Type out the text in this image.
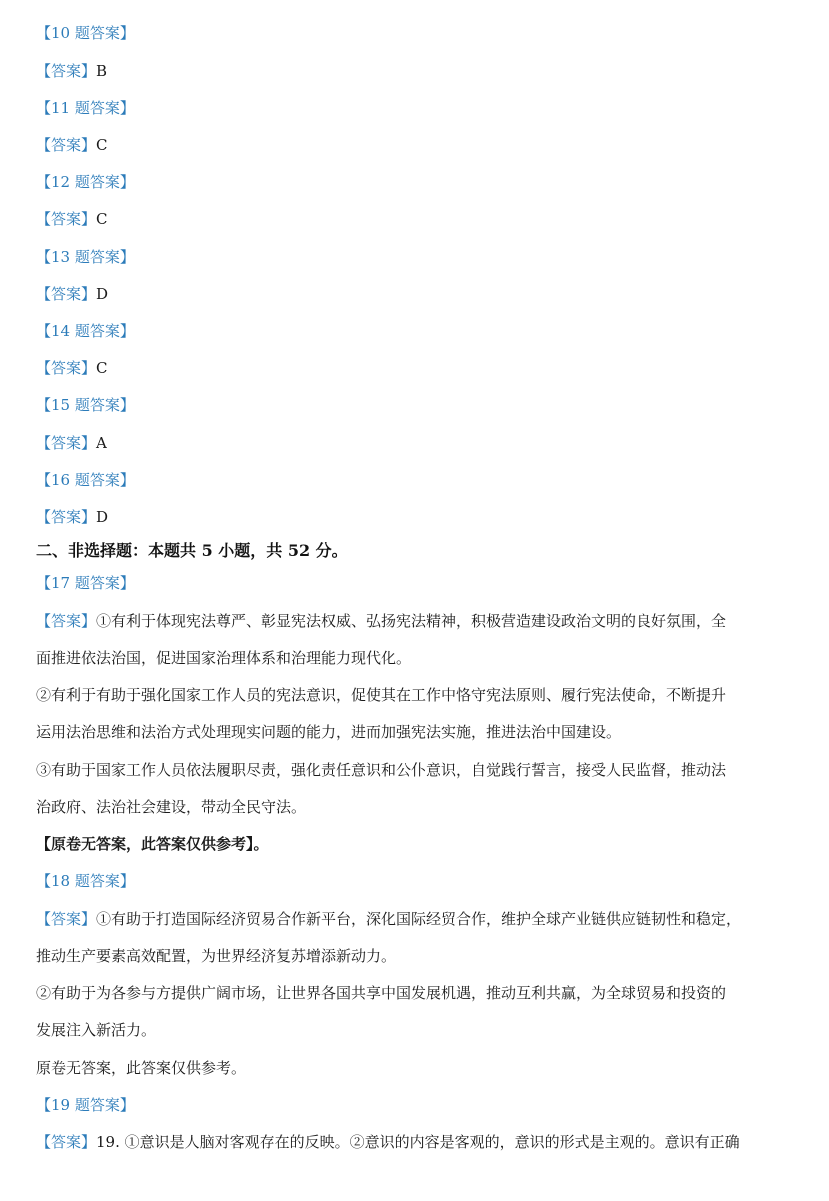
【10 题答案】
【答案】B
【11 题答案】
【答案】C
【12 题答案】
【答案】C
【13 题答案】
【答案】D
【14 题答案】
【答案】C
【15 题答案】
【答案】A
【16 题答案】
【答案】D
二、非选择题：本题共 5 小题，共 52 分。
【17 题答案】
【答案】①有利于体现宪法尊严、彰显宪法权威、弘扬宪法精神，积极营造建设政治文明的良好氛围，全
面推进依法治国，促进国家治理体系和治理能力现代化。
②有利于有助于强化国家工作人员的宪法意识，促使其在工作中恪守宪法原则、履行宪法使命，不断提升
运用法治思维和法治方式处理现实问题的能力，进而加强宪法实施，推进法治中国建设。
③有助于国家工作人员依法履职尽责，强化责任意识和公仆意识，自觉践行誓言，接受人民监督，推动法
治政府、法治社会建设，带动全民守法。
【原卷无答案，此答案仅供参考】。
【18 题答案】
【答案】①有助于打造国际经济贸易合作新平台，深化国际经贸合作，维护全球产业链供应链韧性和稳定，
推动生产要素高效配置，为世界经济复苏增添新动力。
②有助于为各参与方提供广阔市场，让世界各国共享中国发展机遇，推动互利共赢，为全球贸易和投资的
发展注入新活力。
原卷无答案，此答案仅供参考。
【19 题答案】
【答案】19. ①意识是人脑对客观存在的反映。②意识的内容是客观的，意识的形式是主观的。意识有正确
